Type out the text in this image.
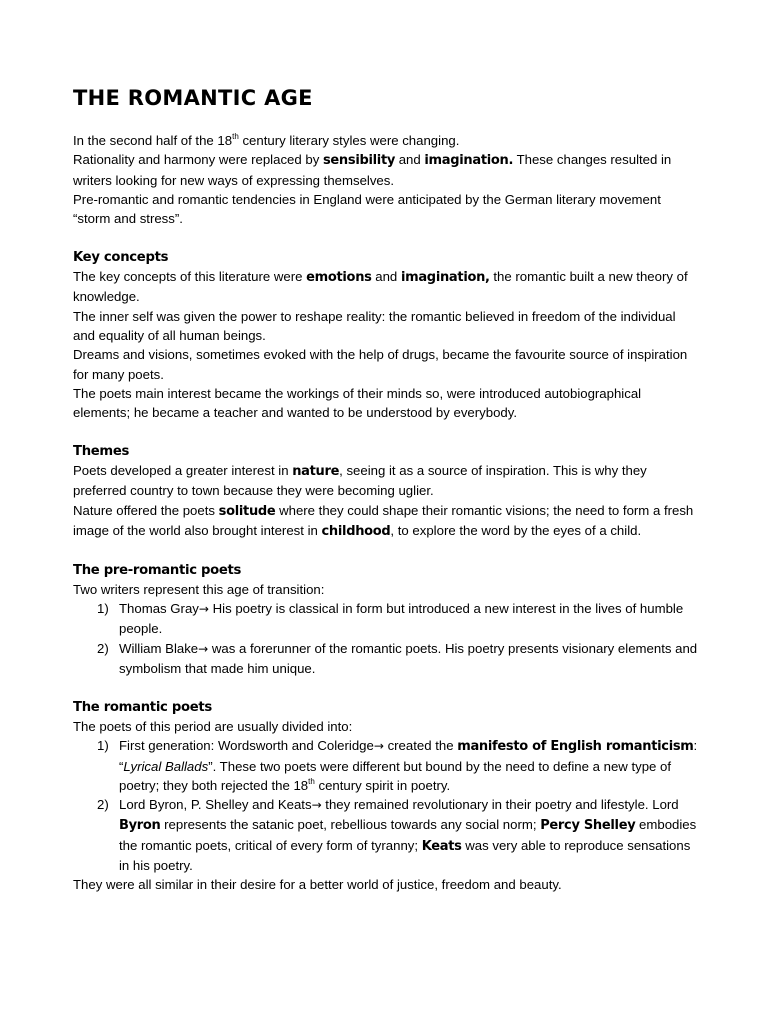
THE ROMANTIC AGE

In the second half of the 18th century literary styles were changing.

Rationality and harmony were replaced by sensibility and imagination. These changes resulted in writers looking for new ways of expressing themselves.

Pre-romantic and romantic tendencies in England were anticipated by the German literary movement “storm and stress”.

Key concepts

The key concepts of this literature were emotions and imagination, the romantic built a new theory of knowledge.

The inner self was given the power to reshape reality: the romantic believed in freedom of the individual and equality of all human beings.

Dreams and visions, sometimes evoked with the help of drugs, became the favourite source of inspiration for many poets.

The poets main interest became the workings of their minds so, were introduced autobiographical elements; he became a teacher and wanted to be understood by everybody.

Themes

Poets developed a greater interest in nature, seeing it as a source of inspiration. This is why they preferred country to town because they were becoming uglier.

Nature offered the poets solitude where they could shape their romantic visions; the need to form a fresh image of the world also brought interest in childhood, to explore the word by the eyes of a child.

The pre-romantic poets

Two writers represent this age of transition:

1) Thomas Gray→ His poetry is classical in form but introduced a new interest in the lives of humble people.
2) William Blake→ was a forerunner of the romantic poets. His poetry presents visionary elements and symbolism that made him unique.

The romantic poets

The poets of this period are usually divided into:

1) First generation: Wordsworth and Coleridge→ created the manifesto of English romanticism: “Lyrical Ballads”. These two poets were different but bound by the need to define a new type of poetry; they both rejected the 18th century spirit in poetry.
2) Lord Byron, P. Shelley and Keats→ they remained revolutionary in their poetry and lifestyle. Lord Byron represents the satanic poet, rebellious towards any social norm; Percy Shelley embodies the romantic poets, critical of every form of tyranny; Keats was very able to reproduce sensations in his poetry.

They were all similar in their desire for a better world of justice, freedom and beauty.
